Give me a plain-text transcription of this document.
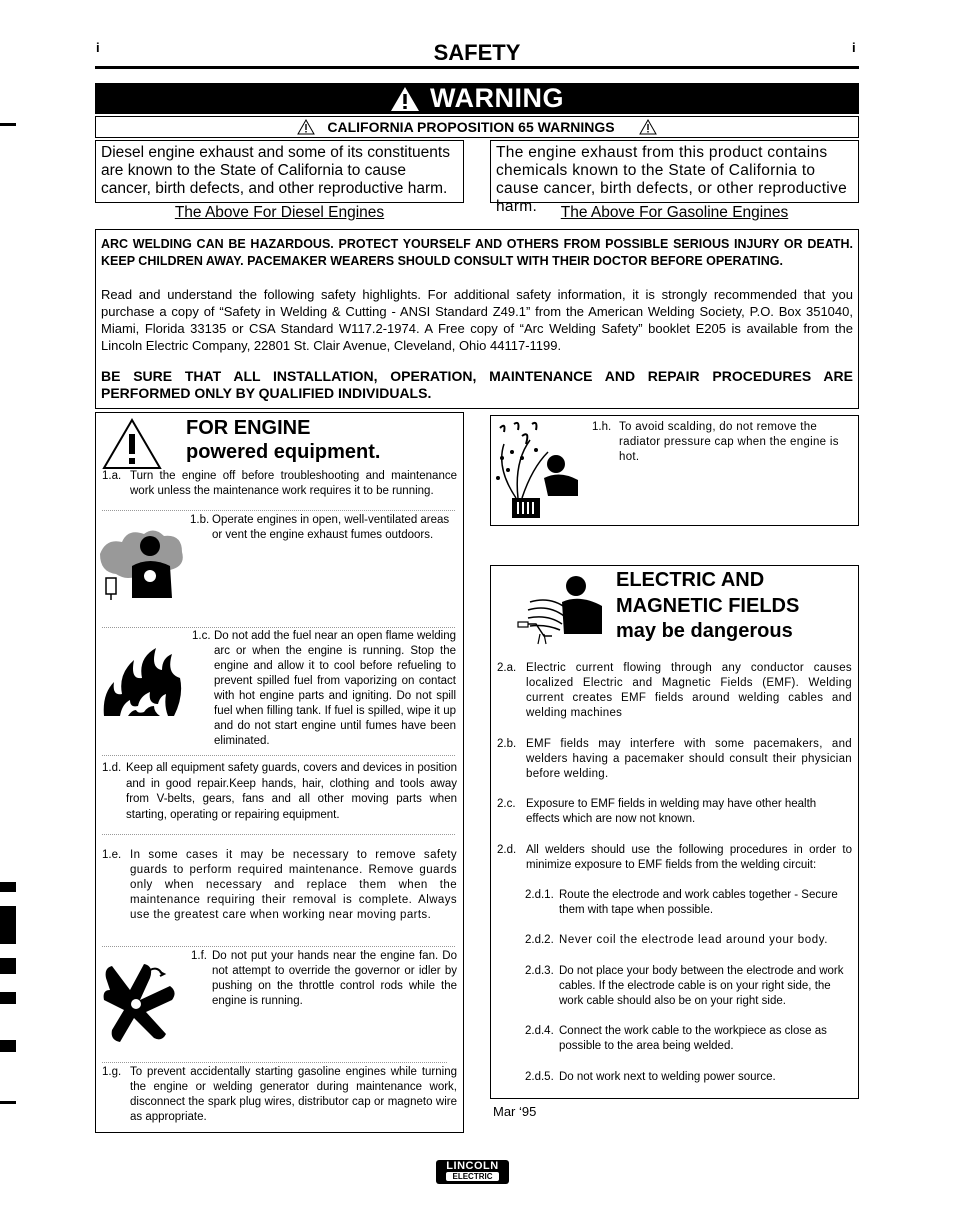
i	i
SAFETY
WARNING
CALIFORNIA PROPOSITION 65 WARNINGS
Diesel engine exhaust and some of its constituents are known to the State of California to cause cancer, birth defects, and other reproductive harm.
The engine exhaust from this product contains chemicals known to the State of California to cause cancer, birth defects, or other reproductive harm.
The Above For Diesel Engines	The Above For Gasoline Engines

ARC WELDING CAN BE HAZARDOUS. PROTECT YOURSELF AND OTHERS FROM POSSIBLE SERIOUS INJURY OR DEATH. KEEP CHILDREN AWAY. PACEMAKER WEARERS SHOULD CONSULT WITH THEIR DOCTOR BEFORE OPERATING.

Read and understand the following safety highlights. For additional safety information, it is strongly recommended that you purchase a copy of “Safety in Welding & Cutting - ANSI Standard Z49.1” from the American Welding Society, P.O. Box 351040, Miami, Florida 33135 or CSA Standard W117.2-1974. A Free copy of “Arc Welding Safety” booklet E205 is available from the Lincoln Electric Company, 22801 St. Clair Avenue, Cleveland, Ohio 44117-1199.

BE SURE THAT ALL INSTALLATION, OPERATION, MAINTENANCE AND REPAIR PROCEDURES ARE PERFORMED ONLY BY QUALIFIED INDIVIDUALS.

FOR ENGINE
powered equipment.
1.a. Turn the engine off before troubleshooting and maintenance work unless the maintenance work requires it to be running.
1.b. Operate engines in open, well-ventilated areas or vent the engine exhaust fumes outdoors.
1.c. Do not add the fuel near an open flame welding arc or when the engine is running. Stop the engine and allow it to cool before refueling to prevent spilled fuel from vaporizing on contact with hot engine parts and igniting. Do not spill fuel when filling tank. If fuel is spilled, wipe it up and do not start engine until fumes have been eliminated.
1.d. Keep all equipment safety guards, covers and devices in position and in good repair.Keep hands, hair, clothing and tools away from V-belts, gears, fans and all other moving parts when starting, operating or repairing equipment.
1.e. In some cases it may be necessary to remove safety guards to perform required maintenance. Remove guards only when necessary and replace them when the maintenance requiring their removal is complete. Always use the greatest care when working near moving parts.
1.f. Do not put your hands near the engine fan. Do not attempt to override the governor or idler by pushing on the throttle control rods while the engine is running.
1.g. To prevent accidentally starting gasoline engines while turning the engine or welding generator during maintenance work, disconnect the spark plug wires, distributor cap or magneto wire as appropriate.
1.h. To avoid scalding, do not remove the radiator pressure cap when the engine is hot.
ELECTRIC AND
MAGNETIC FIELDS
may be dangerous
2.a. Electric current flowing through any conductor causes localized Electric and Magnetic Fields (EMF). Welding current creates EMF fields around welding cables and welding machines
2.b. EMF fields may interfere with some pacemakers, and welders having a pacemaker should consult their physician before welding.
2.c. Exposure to EMF fields in welding may have other health effects which are now not known.
2.d. All welders should use the following procedures in order to minimize exposure to EMF fields from the welding circuit:
2.d.1. Route the electrode and work cables together - Secure them with tape when possible.
2.d.2. Never coil the electrode lead around your body.
2.d.3. Do not place your body between the electrode and work cables. If the electrode cable is on your right side, the work cable should also be on your right side.
2.d.4. Connect the work cable to the workpiece as close as possible to the area being welded.
2.d.5. Do not work next to welding power source.
Mar ‘95
LINCOLN
ELECTRIC
